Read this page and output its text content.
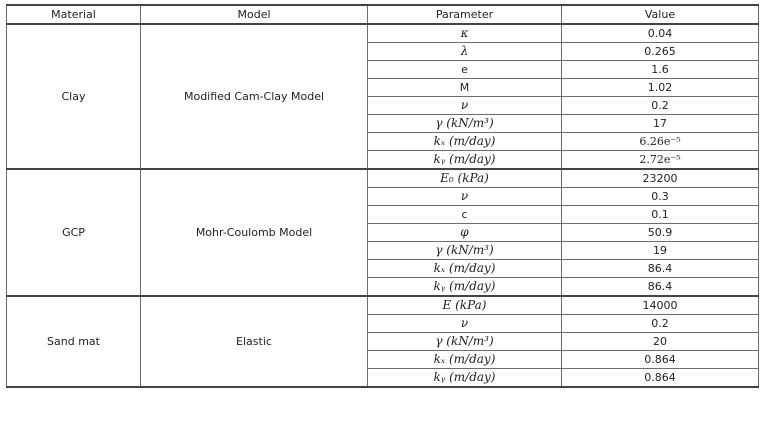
Material	Model	Parameter	Value
Clay	Modified Cam-Clay Model	κ	0.04
		λ	0.265
		e	1.6
		M	1.02
		ν	0.2
		γ (kN/m³)	17
		kₓ (m/day)	6.26e⁻⁵
		kᵧ (m/day)	2.72e⁻⁵
GCP	Mohr-Coulomb Model	E₀ (kPa)	23200
		ν	0.3
		c	0.1
		φ	50.9
		γ (kN/m³)	19
		kₓ (m/day)	86.4
		kᵧ (m/day)	86.4
Sand mat	Elastic	E (kPa)	14000
		ν	0.2
		γ (kN/m³)	20
		kₓ (m/day)	0.864
		kᵧ (m/day)	0.864
